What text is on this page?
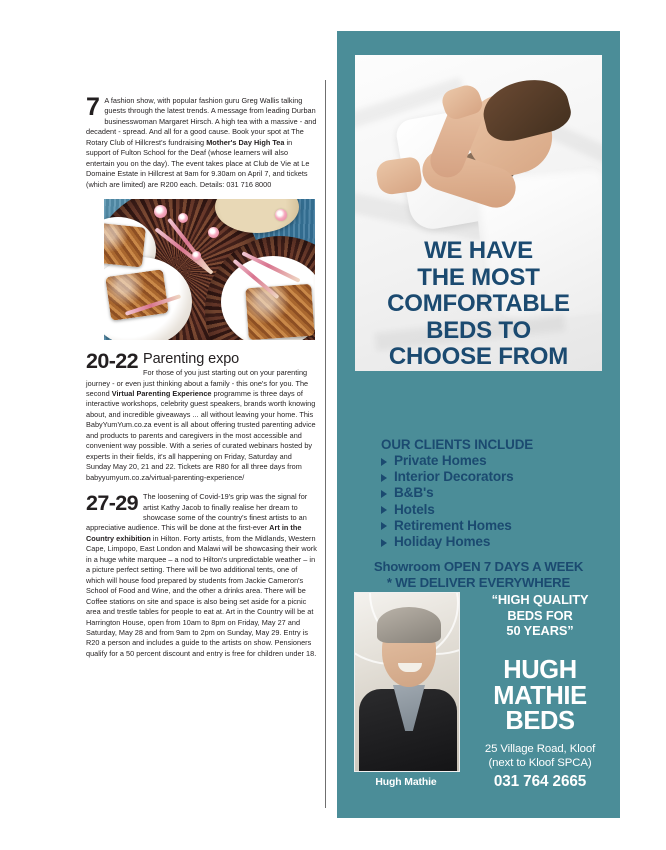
7 A fashion show, with popular fashion guru Greg Wallis talking guests through the latest trends. A message from leading Durban businesswoman Margaret Hirsch. A high tea with a massive - and decadent - spread. And all for a good cause. Book your spot at The Rotary Club of Hillcrest's fundraising Mother's Day High Tea in support of Fulton School for the Deaf (whose learners will also entertain you on the day). The event takes place at Club de Vie at Le Domaine Estate in Hillcrest at 9am for 9.30am on April 7, and tickets (which are limited) are R200 each. Details: 031 716 8000
20-22 Parenting expo
For those of you just starting out on your parenting journey - or even just thinking about a family - this one's for you. The second Virtual Parenting Experience programme is three days of interactive workshops, celebrity guest speakers, brands worth knowing about, and incredible giveaways ... all without leaving your home. This BabyYumYum.co.za event is all about offering trusted parenting advice and products to parents and caregivers in the most accessible and convenient way possible. With a series of curated webinars hosted by experts in their fields, it's all happening on Friday, Saturday and Sunday May 20, 21 and 22. Tickets are R80 for all three days from babyyumyum.co.za/virtual-parenting-experience/
27-29 The loosening of Covid-19's grip was the signal for artist Kathy Jacob to finally realise her dream to showcase some of the country's finest artists to an appreciative audience. This will be done at the first-ever Art in the Country exhibition in Hilton. Forty artists, from the Midlands, Western Cape, Limpopo, East London and Malawi will be showcasing their work in a huge white marquee – a nod to Hilton's unpredictable weather – in a picture perfect setting. There will be two additional tents, one of which will house food prepared by students from Jackie Cameron's School of Food and Wine, and the other a drinks area. There will be Coffee stations on site and space is also being set aside for a picnic area and trestle tables for people to eat at. Art in the Country will be at Harrington House, open from 10am to 8pm on Friday, May 27 and Saturday, May 28 and from 9am to 2pm on Sunday, May 29. Entry is R20 a person and includes a guide to the artists on show. Pensioners qualify for a 50 percent discount and entry is free for children under 18.
WE HAVE
THE MOST
COMFORTABLE
BEDS TO
CHOOSE FROM
OUR CLIENTS INCLUDE
Private Homes
Interior Decorators
B&B's
Hotels
Retirement Homes
Holiday Homes
Showroom OPEN 7 DAYS A WEEK
* WE DELIVER EVERYWHERE
Hugh Mathie
“HIGH QUALITY
BEDS FOR
50 YEARS”
HUGH
MATHIE
BEDS
25 Village Road, Kloof
(next to Kloof SPCA)
031 764 2665
